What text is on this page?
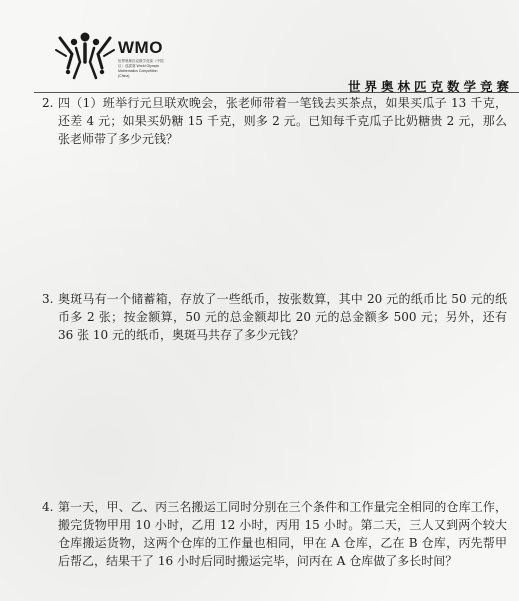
WMO
世界奥林匹克数学竞赛（中国区）选拔赛 World Olympic Mathematics Competition (China)
世界奥林匹克数学竞赛
2. 四（1）班举行元旦联欢晚会，张老师带着一笔钱去买茶点，如果买瓜子 13 千克，还差 4 元；如果买奶糖 15 千克，则多 2 元。已知每千克瓜子比奶糖贵 2 元，那么张老师带了多少元钱？
3. 奥斑马有一个储蓄箱，存放了一些纸币，按张数算，其中 20 元的纸币比 50 元的纸币多 2 张；按金额算，50 元的总金额却比 20 元的总金额多 500 元；另外，还有 36 张 10 元的纸币，奥斑马共存了多少元钱？
4. 第一天，甲、乙、丙三名搬运工同时分别在三个条件和工作量完全相同的仓库工作，搬完货物甲用 10 小时，乙用 12 小时，丙用 15 小时。第二天，三人又到两个较大仓库搬运货物，这两个仓库的工作量也相同，甲在 A 仓库，乙在 B 仓库，丙先帮甲后帮乙，结果干了 16 小时后同时搬运完毕，问丙在 A 仓库做了多长时间？
